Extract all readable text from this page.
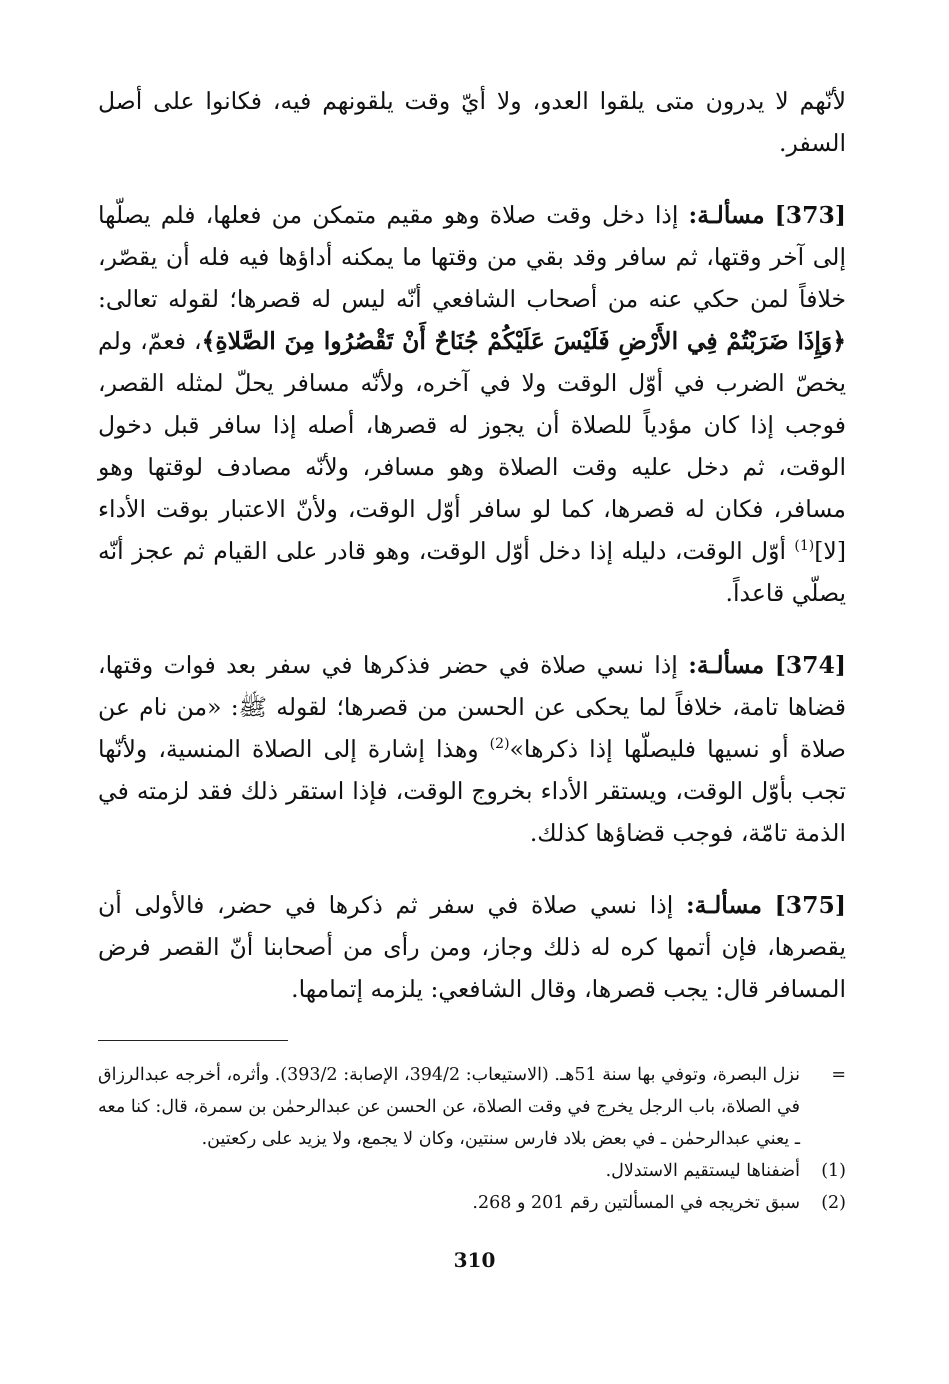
لأنّهم لا يدرون متى يلقوا العدو، ولا أيّ وقت يلقونهم فيه، فكانوا على أصل السفر.

[373] مسألـة: إذا دخل وقت صلاة وهو مقيم متمكن من فعلها، فلم يصلّها إلى آخر وقتها، ثم سافر وقد بقي من وقتها ما يمكنه أداؤها فيه فله أن يقصّر، خلافاً لمن حكي عنه من أصحاب الشافعي أنّه ليس له قصرها؛ لقوله تعالى: ﴿وَإِذَا ضَرَبْتُمْ فِي الأَرْضِ فَلَيْسَ عَلَيْكُمْ جُنَاحٌ أَنْ تَقْصُرُوا مِنَ الصَّلاةِ﴾، فعمّ، ولم يخصّ الضرب في أوّل الوقت ولا في آخره، ولأنّه مسافر يحلّ لمثله القصر، فوجب إذا كان مؤدياً للصلاة أن يجوز له قصرها، أصله إذا سافر قبل دخول الوقت، ثم دخل عليه وقت الصلاة وهو مسافر، ولأنّه مصادف لوقتها وهو مسافر، فكان له قصرها، كما لو سافر أوّل الوقت، ولأنّ الاعتبار بوقت الأداء [لا]$^{(1)}$ أوّل الوقت، دليله إذا دخل أوّل الوقت، وهو قادر على القيام ثم عجز أنّه يصلّي قاعداً.

[374] مسألـة: إذا نسي صلاة في حضر فذكرها في سفر بعد فوات وقتها، قضاها تامة، خلافاً لما يحكى عن الحسن من قصرها؛ لقوله ﷺ: «من نام عن صلاة أو نسيها فليصلّها إذا ذكرها»$^{(2)}$ وهذا إشارة إلى الصلاة المنسية، ولأنّها تجب بأوّل الوقت، ويستقر الأداء بخروج الوقت، فإذا استقر ذلك فقد لزمته في الذمة تامّة، فوجب قضاؤها كذلك.

[375] مسألـة: إذا نسي صلاة في سفر ثم ذكرها في حضر، فالأولى أن يقصرها، فإن أتمها كره له ذلك وجاز، ومن رأى من أصحابنا أنّ القصر فرض المسافر قال: يجب قصرها، وقال الشافعي: يلزمه إتمامها.

=
نزل البصرة، وتوفي بها سنة 51هـ. (الاستيعاب: 394/2، الإصابة: 393/2). وأثره، أخرجه عبدالرزاق في الصلاة، باب الرجل يخرج في وقت الصلاة، عن الحسن عن عبدالرحمٰن بن سمرة، قال: كنا معه ـ يعني عبدالرحمٰن ـ في بعض بلاد فارس سنتين، وكان لا يجمع، ولا يزيد على ركعتين.
(1)
أضفناها ليستقيم الاستدلال.
(2)
سبق تخريجه في المسألتين رقم 201 و 268.
310
